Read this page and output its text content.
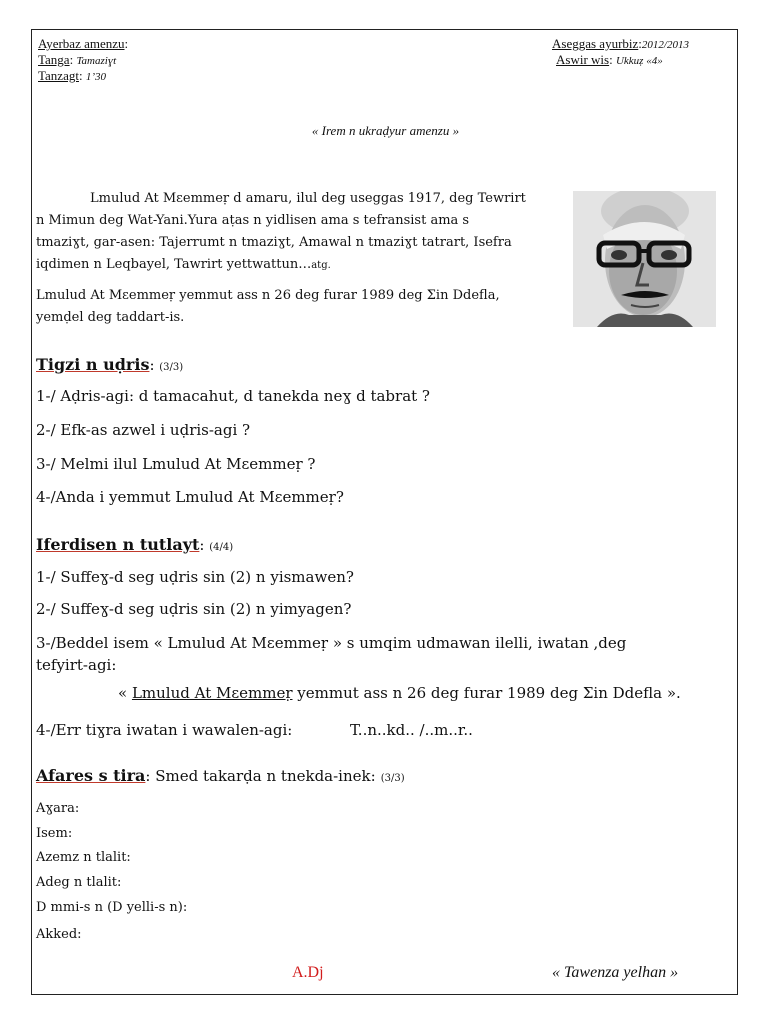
Ayerbaz amenzu:
Tanga: Tamaziɣt
Tanzagt: 1’30
Aseggas ayurbiz:2012/2013
Aswir wis: Ukkuẓ «4»
« Irem n ukraḍyur amenzu »
Lmulud At Mɛemmeṛ d amaru, ilul deg useggas 1917, deg Tewrirt
n Mimun deg Wat-Yani.Yura aṭas n yidlisen ama s tefransist ama s
tmaziɣt, gar-asen: Tajerrumt n tmaziɣt, Amawal n tmaziɣt tatrart, Isefra
iqdimen n Leqbayel, Tawrirt yettwattun…atg.
Lmulud At Mɛemmeṛ yemmut ass n 26 deg furar 1989 deg Σin Ddefla,
yemḍel deg taddart-is.
Tigzi n uḍris: (3/3)
1-/ Aḍris-agi: d tamacahut, d tanekda neɣ d tabrat ?
2-/ Efk-as azwel i uḍris-agi ?
3-/ Melmi ilul Lmulud At Mɛemmeṛ ?
4-/Anda i yemmut Lmulud At Mɛemmeṛ?
Iferdisen n tutlayt: (4/4)
1-/ Suffeɣ-d seg uḍris sin (2) n yismawen?
2-/ Suffeɣ-d seg uḍris sin (2) n yimyagen?
3-/Beddel isem « Lmulud At Mɛemmeṛ » s umqim udmawan ilelli, iwatan ,deg
tefyirt-agi:
« Lmulud At Mɛemmeṛ yemmut ass n 26 deg furar 1989 deg Σin Ddefla ».
4-/Err tiɣra iwatan i wawalen-agi:	T..n..kd.. /..m..r..
Afares s tira: Smed takarḍa n tnekda-inek: (3/3)
Aɣara:
Isem:
Azemz n tlalit:
Adeg n tlalit:
D mmi-s n (D yelli-s n):
Akked:
A.Dj	« Tawenza yelhan »
